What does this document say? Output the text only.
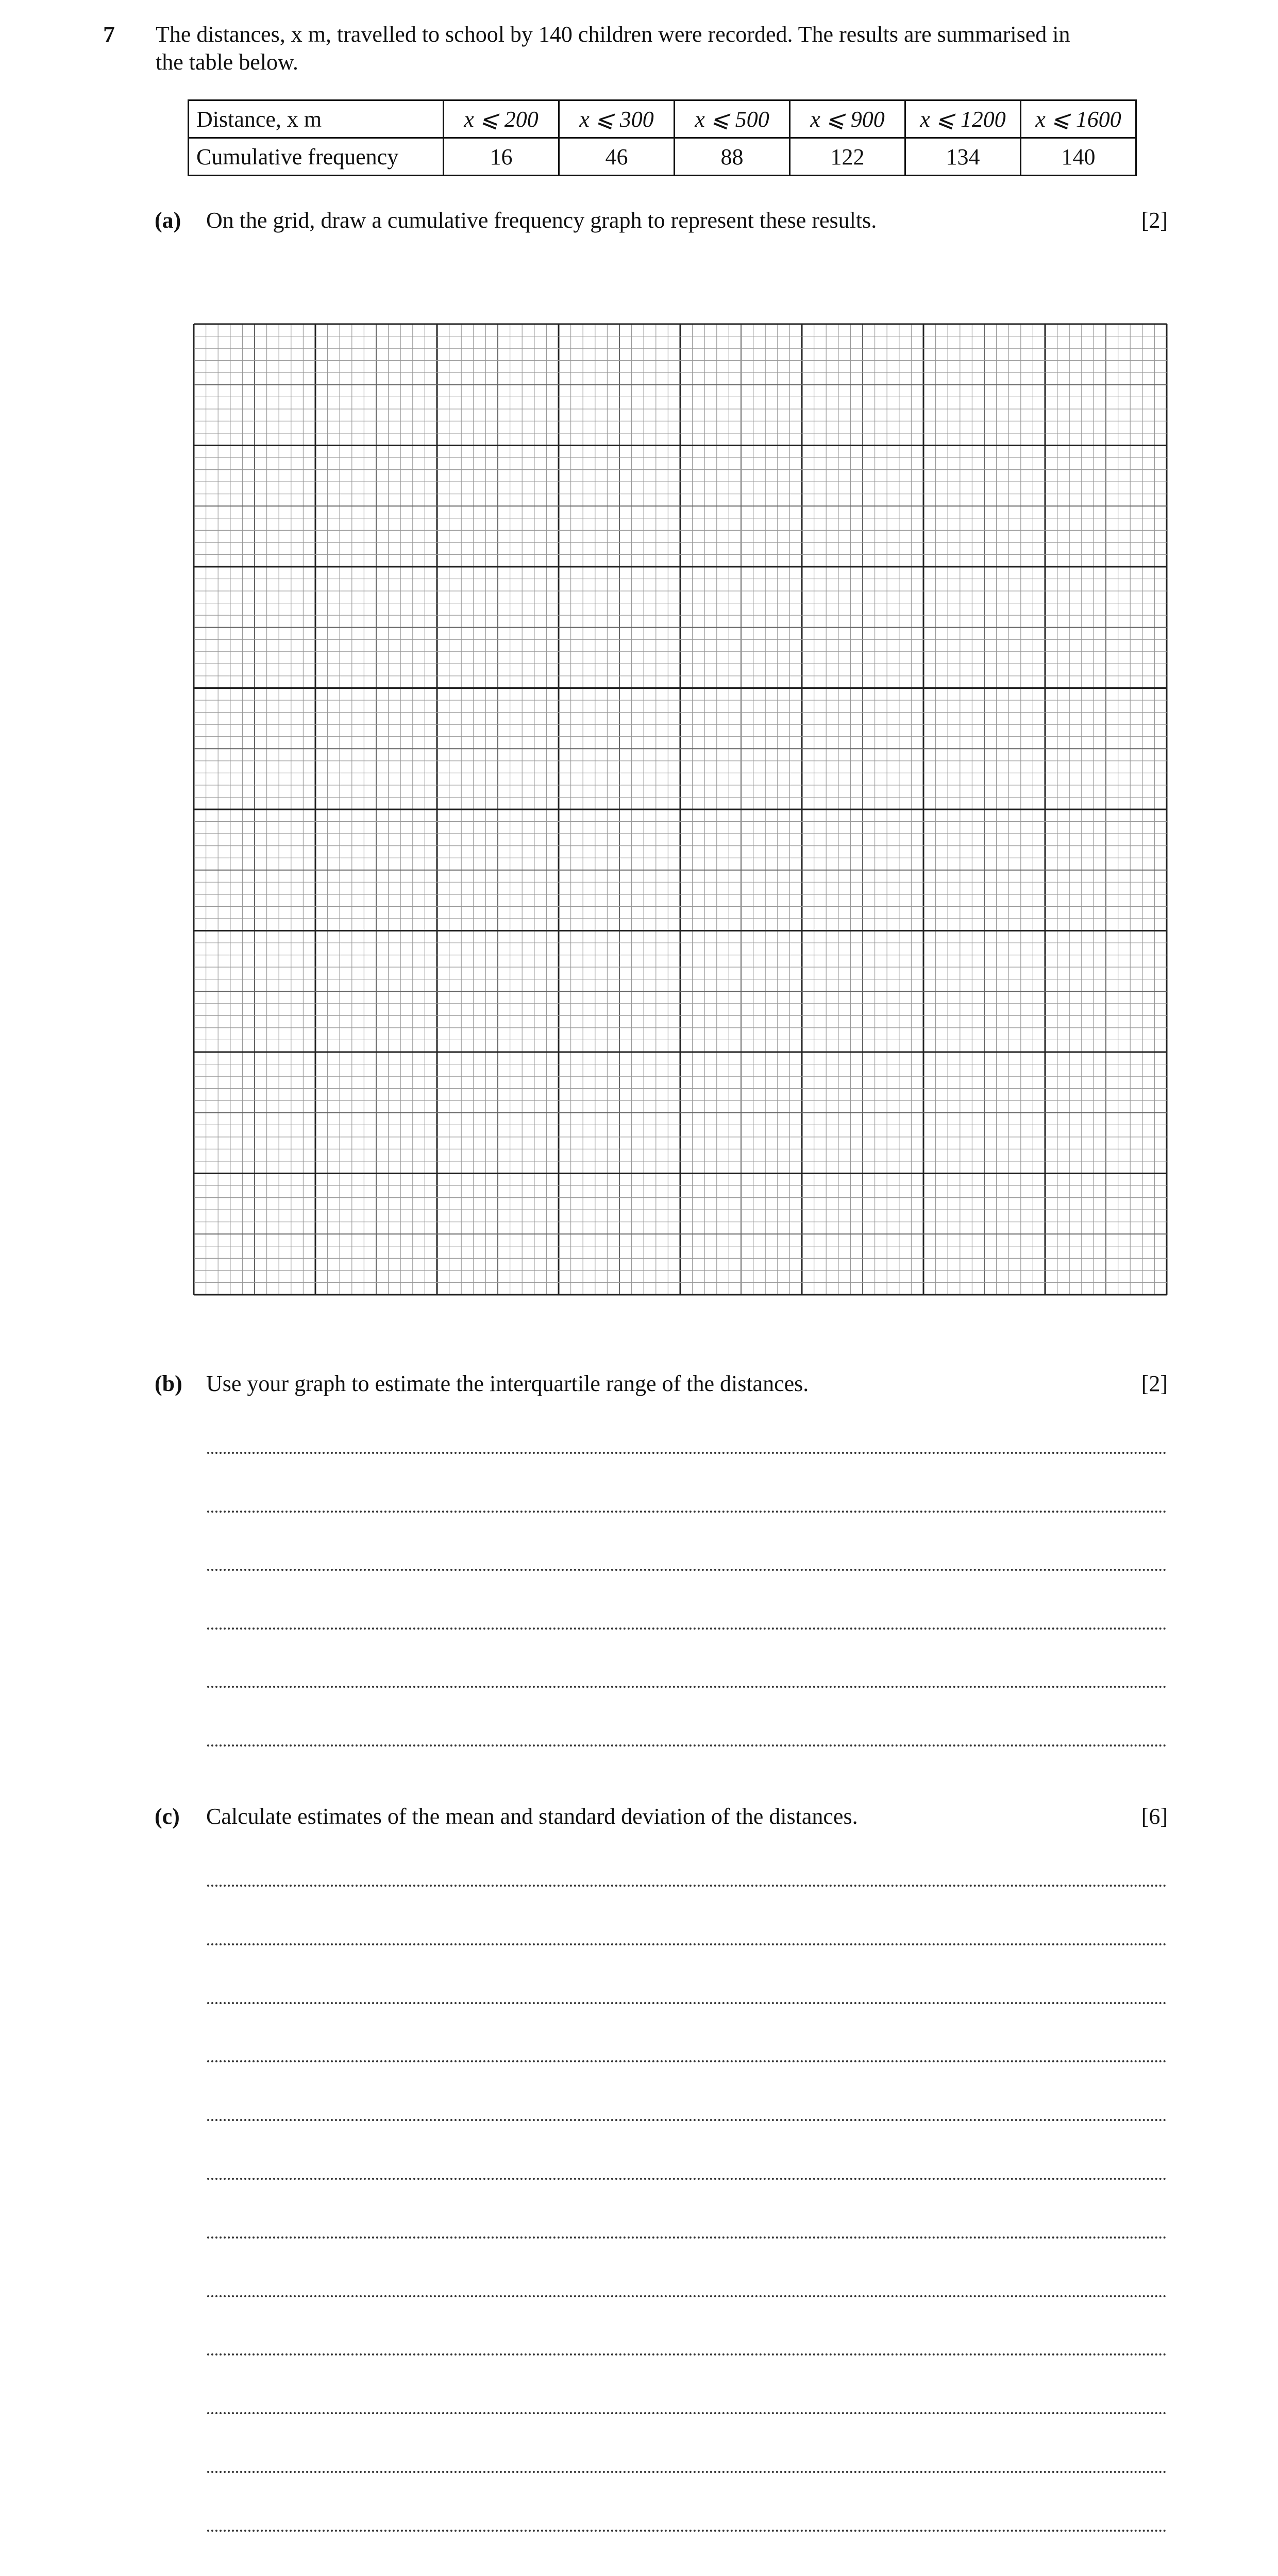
7 The distances, x m, travelled to school by 140 children were recorded. The results are summarised in
the table below.
Distance, x m	x ⩽ 200	x ⩽ 300	x ⩽ 500	x ⩽ 900	x ⩽ 1200	x ⩽ 1600
Cumulative frequency	16	46	88	122	134	140
(a) On the grid, draw a cumulative frequency graph to represent these results.	[2]
(b) Use your graph to estimate the interquartile range of the distances.	[2]
(c) Calculate estimates of the mean and standard deviation of the distances.	[6]
